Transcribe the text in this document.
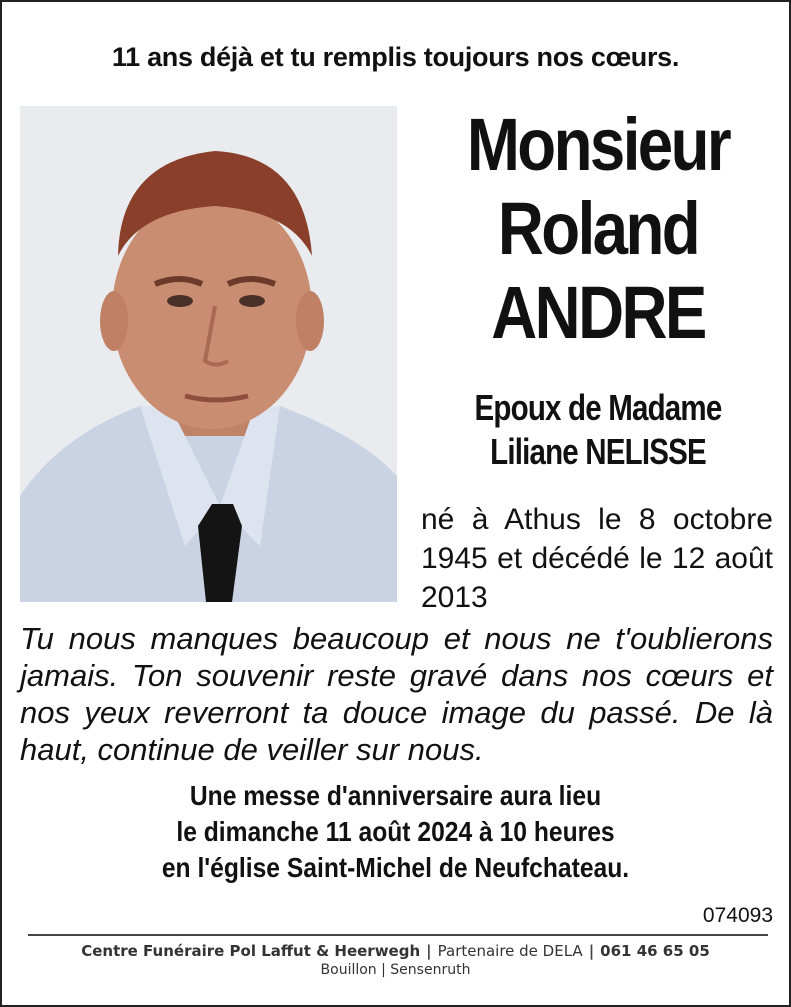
11 ans déjà et tu remplis toujours nos cœurs.
Monsieur
Roland
ANDRE
Epoux de Madame
Liliane NELISSE
né à Athus le 8 octobre 1945 et décédé le 12 août 2013
Tu nous manques beaucoup et nous ne t'oublierons jamais. Ton souvenir reste gravé dans nos cœurs et nos yeux reverront ta douce image du passé. De là haut, continue de veiller sur nous.
Une messe d'anniversaire aura lieu
le dimanche 11 août 2024 à 10 heures
en l'église Saint-Michel de Neufchateau.
074093
Centre Funéraire Pol Laffut & Heerwegh | Partenaire de DELA | 061 46 65 05
Bouillon | Sensenruth
